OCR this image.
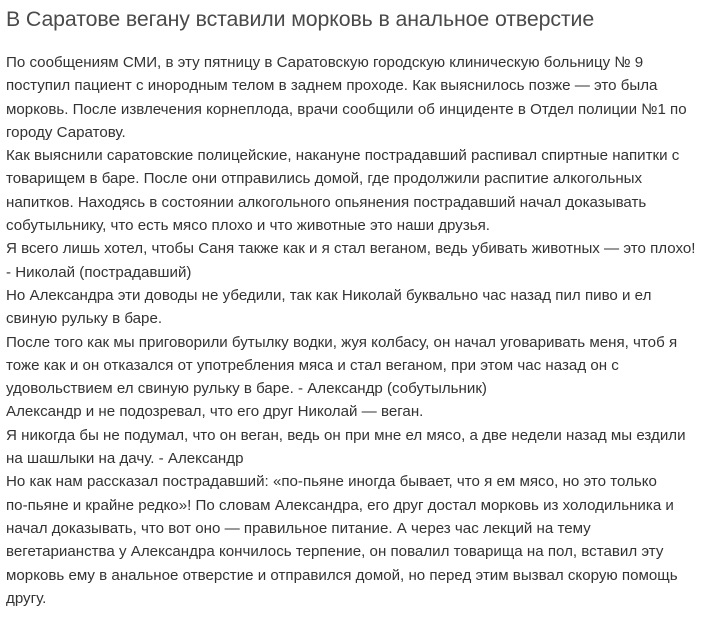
В Саратове вегану вставили морковь в анальное отверстие
По сообщениям СМИ, в эту пятницу в Саратовскую городскую клиническую больницу № 9
поступил пациент с инородным телом в заднем проходе. Как выяснилось позже — это была
морковь. После извлечения корнеплода, врачи сообщили об инциденте в Отдел полиции №1 по
городу Саратову.
Как выяснили саратовские полицейские, накануне пострадавший распивал спиртные напитки с
товарищем в баре. После они отправились домой, где продолжили распитие алкогольных
напитков. Находясь в состоянии алкогольного опьянения пострадавший начал доказывать
собутыльнику, что есть мясо плохо и что животные это наши друзья.
Я всего лишь хотел, чтобы Саня также как и я стал веганом, ведь убивать животных — это плохо!
- Николай (пострадавший)
Но Александра эти доводы не убедили, так как Николай буквально час назад пил пиво и ел
свиную рульку в баре.
После того как мы приговорили бутылку водки, жуя колбасу, он начал уговаривать меня, чтоб я
тоже как и он отказался от употребления мяса и стал веганом, при этом час назад он с
удовольствием ел свиную рульку в баре. - Александр (собутыльник)
Александр и не подозревал, что его друг Николай — веган.
Я никогда бы не подумал, что он веган, ведь он при мне ел мясо, а две недели назад мы ездили
на шашлыки на дачу. - Александр
Но как нам рассказал пострадавший: «по-пьяне иногда бывает, что я ем мясо, но это только
по-пьяне и крайне редко»! По словам Александра, его друг достал морковь из холодильника и
начал доказывать, что вот оно — правильное питание. А через час лекций на тему
вегетарианства у Александра кончилось терпение, он повалил товарища на пол, вставил эту
морковь ему в анальное отверстие и отправился домой, но перед этим вызвал скорую помощь
другу.
